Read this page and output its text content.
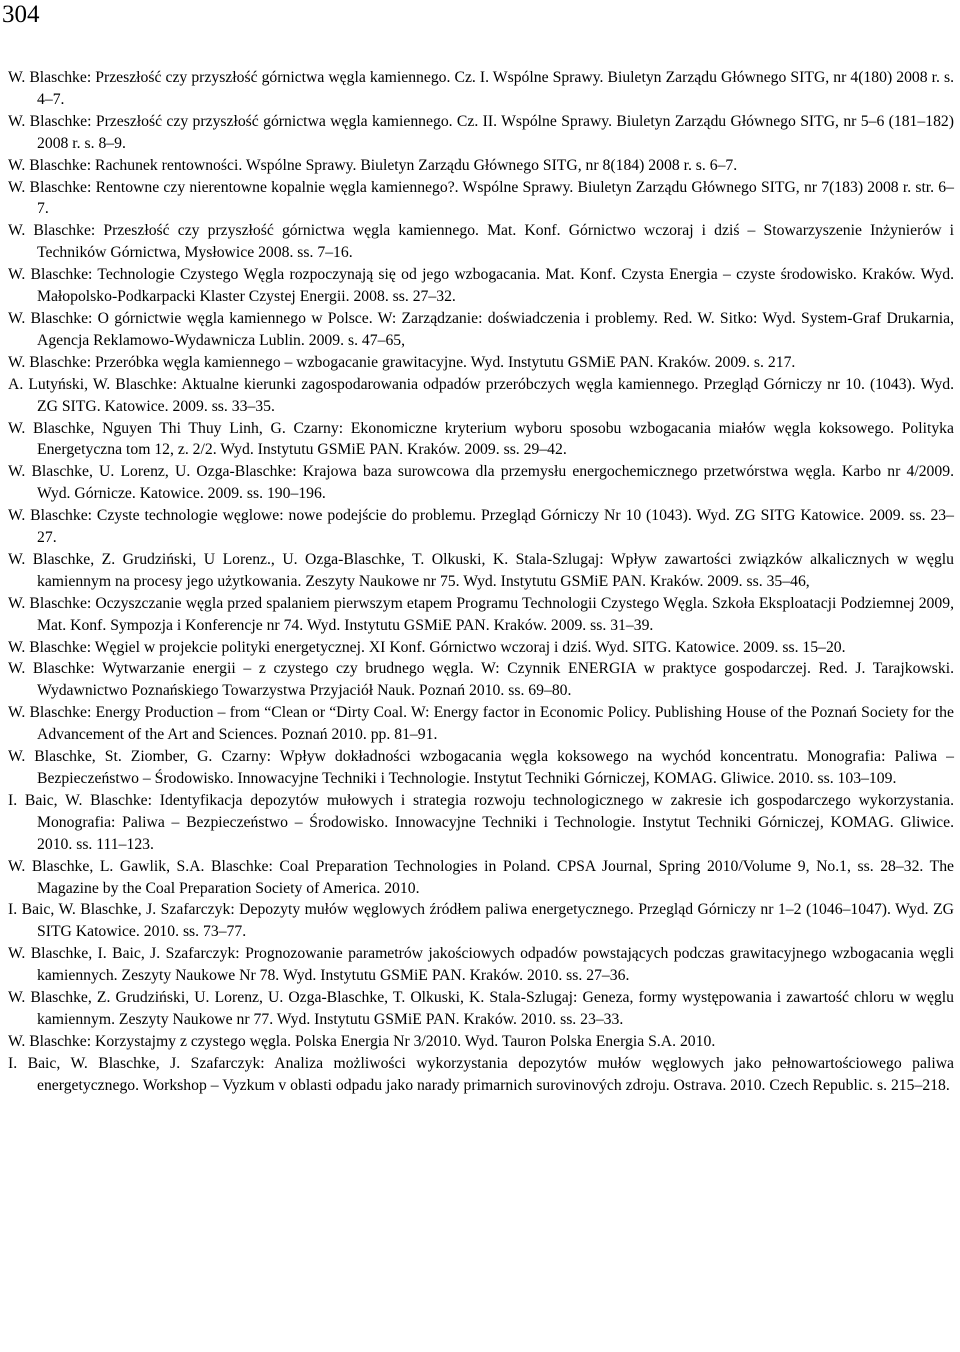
304
W. Blaschke: Przeszłość czy przyszłość górnictwa węgla kamiennego. Cz. I. Wspólne Sprawy. Biuletyn Zarządu Głównego SITG, nr 4(180) 2008 r. s. 4–7.
W. Blaschke: Przeszłość czy przyszłość górnictwa węgla kamiennego. Cz. II. Wspólne Sprawy. Biuletyn Zarządu Głównego SITG, nr 5–6 (181–182) 2008 r. s. 8–9.
W. Blaschke: Rachunek rentowności. Wspólne Sprawy. Biuletyn Zarządu Głównego SITG, nr 8(184) 2008 r. s. 6–7.
W. Blaschke: Rentowne czy nierentowne kopalnie węgla kamiennego?. Wspólne Sprawy. Biuletyn Zarządu Głównego SITG, nr 7(183) 2008 r. str. 6–7.
W. Blaschke: Przeszłość czy przyszłość górnictwa węgla kamiennego. Mat. Konf. Górnictwo wczoraj i dziś – Stowarzyszenie Inżynierów i Techników Górnictwa, Mysłowice 2008. ss. 7–16.
W. Blaschke: Technologie Czystego Węgla rozpoczynają się od jego wzbogacania. Mat. Konf. Czysta Energia – czyste środowisko. Kraków. Wyd. Małopolsko-Podkarpacki Klaster Czystej Energii. 2008. ss. 27–32.
W. Blaschke: O górnictwie węgla kamiennego w Polsce. W: Zarządzanie: doświadczenia i problemy. Red. W. Sitko: Wyd. System-Graf Drukarnia, Agencja Reklamowo-Wydawnicza Lublin. 2009. s. 47–65,
W. Blaschke: Przeróbka węgla kamiennego – wzbogacanie grawitacyjne. Wyd. Instytutu GSMiE PAN. Kraków. 2009. s. 217.
A. Lutyński, W. Blaschke: Aktualne kierunki zagospodarowania odpadów przeróbczych węgla kamiennego. Przegląd Górniczy nr 10. (1043). Wyd. ZG SITG. Katowice. 2009. ss. 33–35.
W. Blaschke, Nguyen Thi Thuy Linh, G. Czarny: Ekonomiczne kryterium wyboru sposobu wzbogacania miałów węgla koksowego. Polityka Energetyczna tom 12, z. 2/2. Wyd. Instytutu GSMiE PAN. Kraków. 2009. ss. 29–42.
W. Blaschke, U. Lorenz, U. Ozga-Blaschke: Krajowa baza surowcowa dla przemysłu energochemicznego przetwórstwa węgla. Karbo nr 4/2009. Wyd. Górnicze. Katowice. 2009. ss. 190–196.
W. Blaschke: Czyste technologie węglowe: nowe podejście do problemu. Przegląd Górniczy Nr 10 (1043). Wyd. ZG SITG Katowice. 2009. ss. 23–27.
W. Blaschke, Z. Grudziński, U Lorenz., U. Ozga-Blaschke, T. Olkuski, K. Stala-Szlugaj: Wpływ zawartości związków alkalicznych w węglu kamiennym na procesy jego użytkowania. Zeszyty Naukowe nr 75. Wyd. Instytutu GSMiE PAN. Kraków. 2009. ss. 35–46,
W. Blaschke: Oczyszczanie węgla przed spalaniem pierwszym etapem Programu Technologii Czystego Węgla. Szkoła Eksploatacji Podziemnej 2009, Mat. Konf. Sympozja i Konferencje nr 74. Wyd. Instytutu GSMiE PAN. Kraków. 2009. ss. 31–39.
W. Blaschke: Węgiel w projekcie polityki energetycznej. XI Konf. Górnictwo wczoraj i dziś. Wyd. SITG. Katowice. 2009. ss. 15–20.
W. Blaschke: Wytwarzanie energii – z czystego czy brudnego węgla. W: Czynnik ENERGIA w praktyce gospodarczej. Red. J. Tarajkowski. Wydawnictwo Poznańskiego Towarzystwa Przyjaciół Nauk. Poznań 2010. ss. 69–80.
W. Blaschke: Energy Production – from “Clean or “Dirty Coal. W: Energy factor in Economic Policy. Publishing House of the Poznań Society for the Advancement of the Art and Sciences. Poznań 2010. pp. 81–91.
W. Blaschke, St. Ziomber, G. Czarny: Wpływ dokładności wzbogacania węgla koksowego na wychód koncentratu. Monografia: Paliwa – Bezpieczeństwo – Środowisko. Innowacyjne Techniki i Technologie. Instytut Techniki Górniczej, KOMAG. Gliwice. 2010. ss. 103–109.
I. Baic, W. Blaschke: Identyfikacja depozytów mułowych i strategia rozwoju technologicznego w zakresie ich gospodarczego wykorzystania. Monografia: Paliwa – Bezpieczeństwo – Środowisko. Innowacyjne Techniki i Technologie. Instytut Techniki Górniczej, KOMAG. Gliwice. 2010. ss. 111–123.
W. Blaschke, L. Gawlik, S.A. Blaschke: Coal Preparation Technologies in Poland. CPSA Journal, Spring 2010/Volume 9, No.1, ss. 28–32. The Magazine by the Coal Preparation Society of America. 2010.
I. Baic, W. Blaschke, J. Szafarczyk: Depozyty mułów węglowych źródłem paliwa energetycznego. Przegląd Górniczy nr 1–2 (1046–1047). Wyd. ZG SITG Katowice. 2010. ss. 73–77.
W. Blaschke, I. Baic, J. Szafarczyk: Prognozowanie parametrów jakościowych odpadów powstających podczas grawitacyjnego wzbogacania węgli kamiennych. Zeszyty Naukowe Nr 78. Wyd. Instytutu GSMiE PAN. Kraków. 2010. ss. 27–36.
W. Blaschke, Z. Grudziński, U. Lorenz, U. Ozga-Blaschke, T. Olkuski, K. Stala-Szlugaj: Geneza, formy występowania i zawartość chloru w węglu kamiennym. Zeszyty Naukowe nr 77. Wyd. Instytutu GSMiE PAN. Kraków. 2010. ss. 23–33.
W. Blaschke: Korzystajmy z czystego węgla. Polska Energia Nr 3/2010. Wyd. Tauron Polska Energia S.A. 2010.
I. Baic, W. Blaschke, J. Szafarczyk: Analiza możliwości wykorzystania depozytów mułów węglowych jako pełnowartościowego paliwa energetycznego. Workshop – Vyzkum v oblasti odpadu jako narady primarnich surovinových zdroju. Ostrava. 2010. Czech Republic. s. 215–218.
